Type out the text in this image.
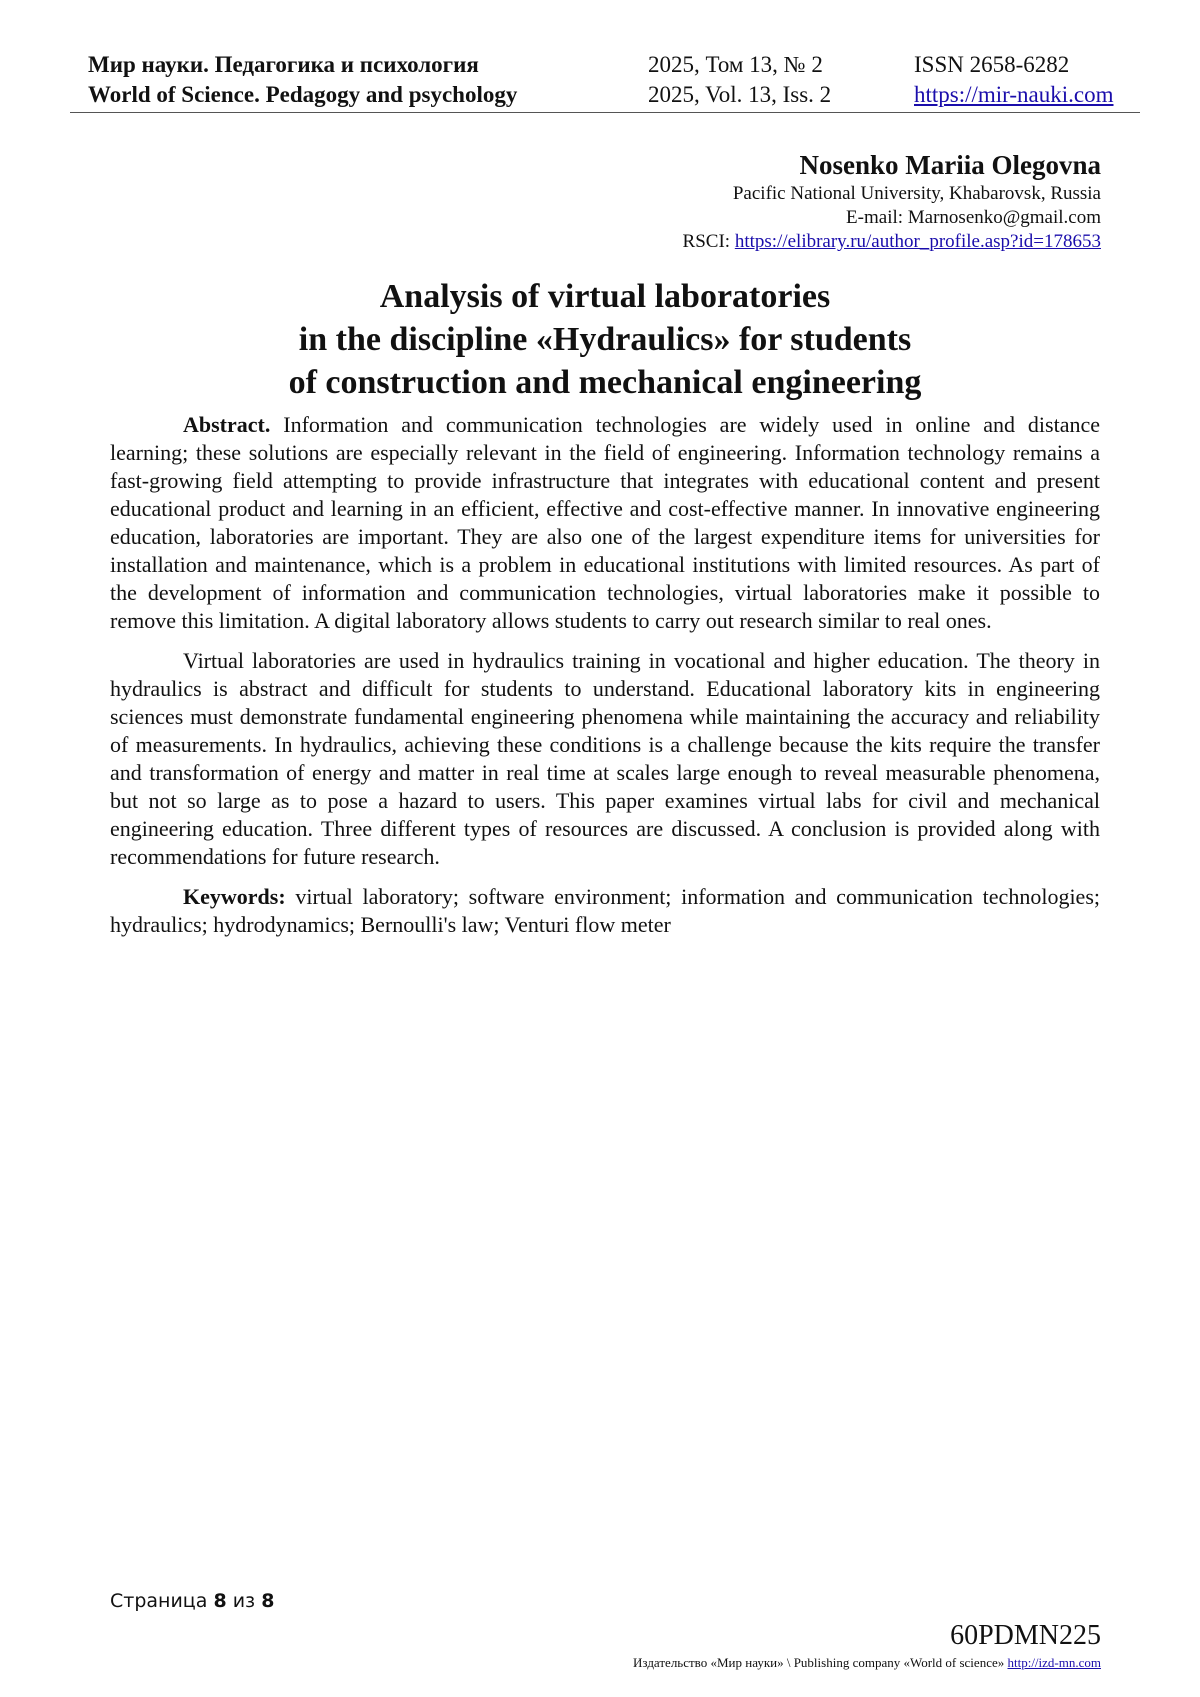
Мир науки. Педагогика и психология
World of Science. Pedagogy and psychology
2025, Том 13, № 2
2025, Vol. 13, Iss. 2
ISSN 2658-6282
https://mir-nauki.com
Nosenko Mariia Olegovna
Pacific National University, Khabarovsk, Russia
E-mail: Marnosenko@gmail.com
RSCI: https://elibrary.ru/author_profile.asp?id=178653
Analysis of virtual laboratories
in the discipline «Hydraulics» for students
of construction and mechanical engineering

Abstract. Information and communication technologies are widely used in online and distance learning; these solutions are especially relevant in the field of engineering. Information technology remains a fast-growing field attempting to provide infrastructure that integrates with educational content and present educational product and learning in an efficient, effective and cost-effective manner. In innovative engineering education, laboratories are important. They are also one of the largest expenditure items for universities for installation and maintenance, which is a problem in educational institutions with limited resources. As part of the development of information and communication technologies, virtual laboratories make it possible to remove this limitation. A digital laboratory allows students to carry out research similar to real ones.

Virtual laboratories are used in hydraulics training in vocational and higher education. The theory in hydraulics is abstract and difficult for students to understand. Educational laboratory kits in engineering sciences must demonstrate fundamental engineering phenomena while maintaining the accuracy and reliability of measurements. In hydraulics, achieving these conditions is a challenge because the kits require the transfer and transformation of energy and matter in real time at scales large enough to reveal measurable phenomena, but not so large as to pose a hazard to users. This paper examines virtual labs for civil and mechanical engineering education. Three different types of resources are discussed. A conclusion is provided along with recommendations for future research.

Keywords: virtual laboratory; software environment; information and communication technologies; hydraulics; hydrodynamics; Bernoulli's law; Venturi flow meter

Страница 8 из 8
60PDMN225
Издательство «Мир науки» \ Publishing company «World of science» http://izd-mn.com
